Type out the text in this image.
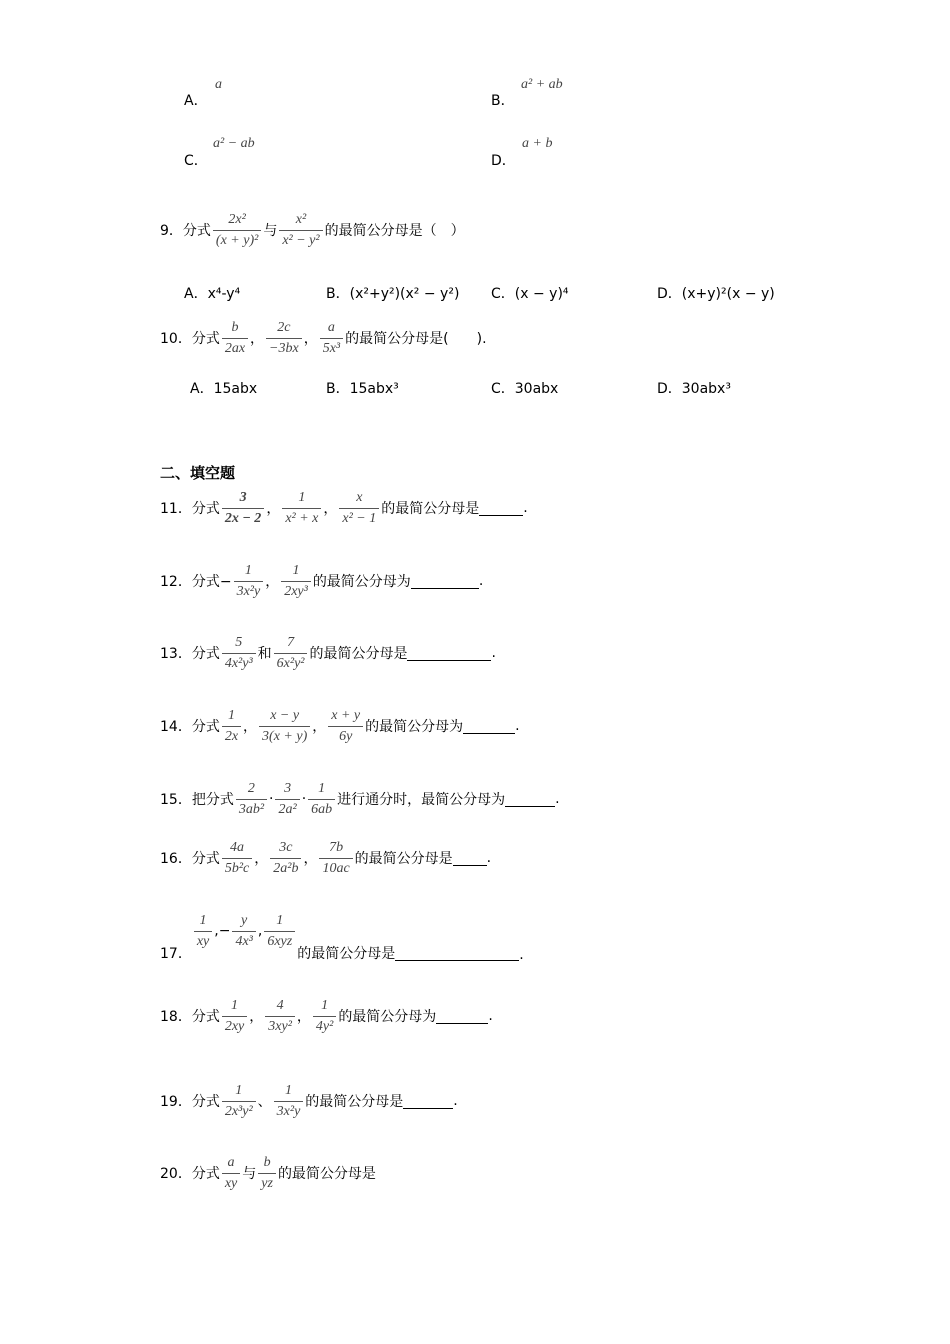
A．
a
B．
a² + ab
C．
a² − ab
D．
a + b
9． 分式 $\frac{\text{2x²}}{\text{(x + y)²}}$ 与 $\frac{\text{x²}}{\text{x² − y²}}$ 的最简公分母是（　）
A．x⁴-y⁴	B．(x²+y²)(x² − y²) C．(x − y)⁴	D．(x+y)²(x − y)
10． 分式 $\frac{b}{2ax}$ ， $\frac{2c}{-3bx}$ ， $\frac{a}{\text{5x³}}$ 的最简公分母是(　　).
A．15abx	B．15abx³	C．30abx	D．30abx³
二、填空题
11． 分式 $\frac{3}{2x - 2}$ ， $\frac{1}{\text{x² + x}}$ ， $\frac{x}{\text{x² − 1}}$ 的最简公分母是	.
12． 分式− $\frac{1}{\text{3x²y}}$ ， $\frac{1}{\text{2xy³}}$ 的最简公分母为	.
13． 分式 $\frac{5}{\text{4x²y³}}$ 和 $\frac{7}{\text{6x²y²}}$ 的最简公分母是	.
14． 分式 $\frac{1}{2x}$ ， $\frac{x - y}{3(x + y)}$ ， $\frac{x + y}{6y}$ 的最简公分母为	.
15． 把分式 $\frac{2}{\text{3ab²}} \cdot \frac{3}{\text{2a²}} \cdot \frac{1}{6ab}$ 进行通分时，最简公分母为	.
16． 分式 $\frac{4a}{\text{5b²c}}$ ， $\frac{3c}{\text{2a²b}}$ ， $\frac{7b}{10ac}$ 的最简公分母是 .
17．
$\frac{1}{xy}$ ,− $\frac{y}{\text{4x³}}$ , $\frac{1}{\text{6xyz}}$
的最简公分母是	.
18． 分式 $\frac{1}{2xy}$ ， $\frac{4}{\text{3xy²}}$ ， $\frac{1}{\text{4y²}}$ 的最简公分母为	.
19． 分式 $\frac{1}{\text{2x³y²}}$ 、 $\frac{1}{\text{3x²y}}$ 的最简公分母是	.
20． 分式 $\frac{a}{xy}$ 与 $\frac{b}{yz}$ 的最简公分母是
